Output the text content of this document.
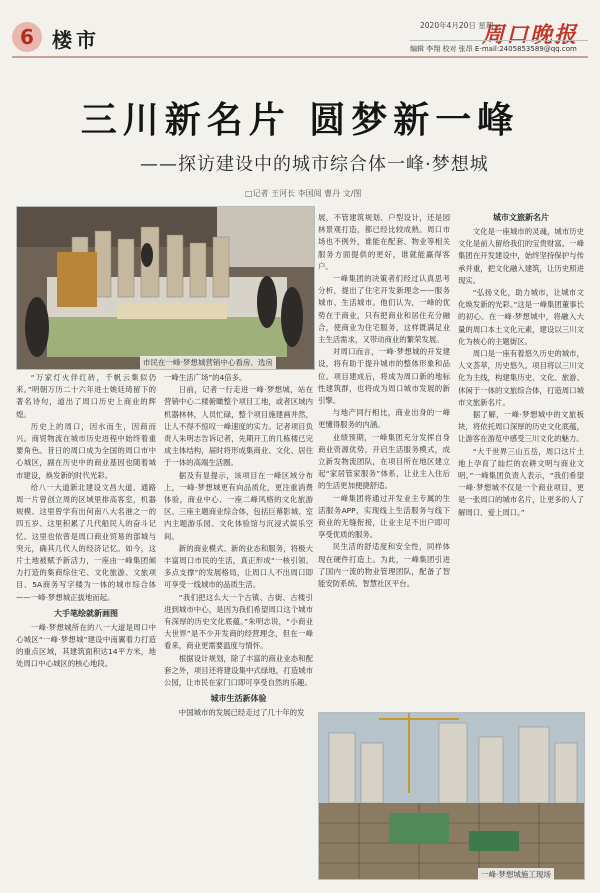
6 楼市
2020年4月20日 星期一
周口晚报
编辑 李翔 校对 张昂 E-mail:2405853589@qq.com
三川新名片 圆梦新一峰
——探访建设中的城市综合体一峰·梦想城
□记者 王河长 李国阅 曹丹 文/图
市民在一峰·梦想城营销中心看房、选房
一峰·梦想城施工现场

“万家灯火伴红砖，千帆云集似仍来。”明朝万历二十六年进士姚廷琦留下的著名诗句，道出了周口历史上商业的辉煌。

历史上的周口，因水而生，因商而兴。商贸物流在城市历史进程中始终着重要角色。昔日的周口成为全国的周口市中心城区，副在历史中的商业基因也随着城市建设，焕发新的时代光彩。

给八一大道新北建设文昌大道、通路周一片曾创立周的区域里排高客室，机器规模、这里曾学有出何南八大名港之一的四五岁、这里积累了几代船民人的奋斗记忆。这里也依曾是周口商业贸易的部城与突元，确其几代人的经济记忆。如今，这片土地被赋予新活力，一座由一峰集团倾力打造的集商综住宅、文化旅游、文旅项目、5A商务写字楼为一体的城市综合体——一峰·梦想城正拔地而起。

大手笔绘就新画图

一峰·梦想城所在的八一大道是周口中心城区“一峰·梦想城”建设中南翼着力打造的重点区域，其建筑面积达14平方米，地处周口中心城区的核心地段。

一峰生活广场”的4倍多。

日前，记者一行走进一峰·梦想城，站在营销中心二楼俯瞰整个项目工地，或者区域内机器林林，人员忙碌，整个项目施建画井然，让人不得不惊叹一峰速度的实力。记者项目负责人朱明志告诉记者，先期开工的几栋楼已完成主体结构，届时将形成集商业、文化、居住于一体的高端生活圈。

据及有显提示，该项目在一峰区域分布上，一峰·梦想城更有向品质化，更注重消费体验，商业中心、一座二峰风格的文化旅游区、三座主题商业综合体，包括巨幕影城、室内主题游乐园、文化体验馆与沉浸式娱乐空间。

新的商业模式、新的业态和服务，将极大丰富周口市民的生活，真正形成“一核引领、多点支撑”的发展格局，让周口人不出周口即可享受一线城市的品质生活。

“我们把这么大一个古镇、古街、古楼引进到城市中心，是因为我们希望周口这个城市有深厚的历史文化底蕴。”朱明志说，“小商业大世界”是不少开发商的经营理念，但在一峰看来，商业更需要温度与情怀。

根据设计规划，除了丰富的商业业态和配套之外，项目还将建设集中式绿地，打造城市公园，让市民在家门口即可享受自然的乐趣。

城市生活新体验

中国城市的发展已经走过了几十年的发

展，不管建筑规划、户型设计，还是园林景观打造，都已经比较成熟。周口市场也不例外，谁能在配套、物业等相关服务方面提供的更好，谁就能赢得客户。

一峰集团的决策者们经过认真思考分析，提出了住宅开发新理念——服务城市、生活城市。他们认为，一峰的优势在于商业，只有把商业和居住充分融合，使商业为住宅服务，这样既满足业主生活需求，又带动商业的繁荣发展。

对周口而言，一峰·梦想城的开发建设，将有助于提升城市的整体形象和品位。项目建成后，将成为周口新的地标性建筑群，也将成为周口城市发展的新引擎。

与地产同行相比，商业出身的一峰更懂得服务的内涵。

业绩预期，一峰集团充分发挥自身商业资源优势，开启生活服务模式，成立新发物流团队，在项目所在地区建立起“家居管家服务”体系，让业主入住后的生活更加便捷舒适。

一峰集团将通过开发业主专属的生活服务APP，实现线上生活服务与线下商业的无缝衔接，让业主足不出户即可享受优质的服务。

民生活的舒适度和安全性，同样体现在硬件打造上。为此，一峰集团引进了国内一流的物业管理团队，配备了智能安防系统、智慧社区平台。

城市文旅新名片

文化是一座城市的灵魂，城市历史文化是前人留给我们的宝贵财富。一峰集团在开发建设中，始终坚持保护与传承并重，把文化融入建筑，让历史照进现实。

“弘扬文化，助力城市，让城市文化焕发新的光彩。”这是一峰集团董事长的初心。在一峰·梦想城中，将融入大量的周口本土文化元素，建设以三川文化为核心的主题街区。

周口是一座有着悠久历史的城市，人文荟萃，历史悠久。项目将以三川文化为主线，构建集历史、文化、旅游、休闲于一体的文旅综合体，打造周口城市文旅新名片。

据了解，一峰·梦想城中的文旅板块，将依托周口深厚的历史文化底蕴，让游客在游览中感受三川文化的魅力。

“大千世界三山五岳，周口这片土地上孕育了灿烂的农耕文明与商业文明。”一峰集团负责人表示，“我们希望一峰·梦想城不仅是一个商业项目，更是一张周口的城市名片，让更多的人了解周口、爱上周口。”
